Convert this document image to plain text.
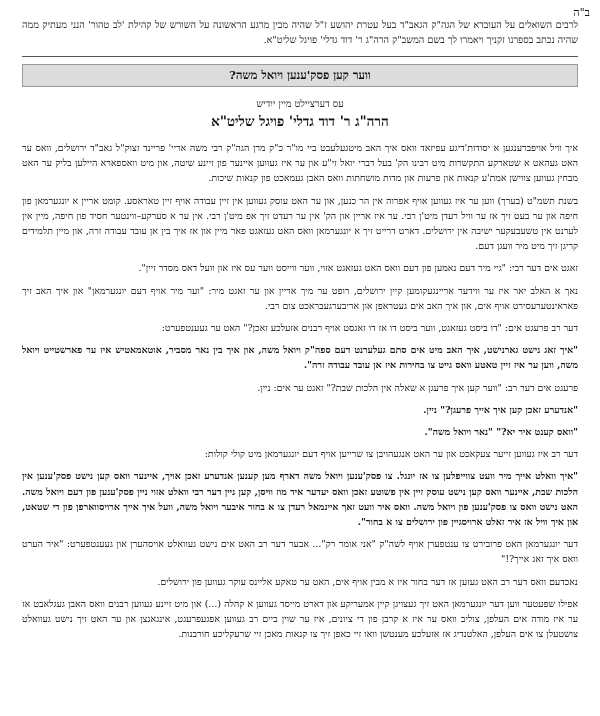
ב"ה

לרבים השואלים על העובדא של הגה"ק הגאב"ד בעל עטרת יהושע ז"ל שהיה מבין מרגע הראשונה על השורש של קהילת 'לב טהור' הנני מעתיק ממה שהיה נכתב בספרנו זקניך ויאמרו לך בשם המשב"ק הרה"ג ר' דוד גדלי' פויגל שליט"א.

ווער קען פסק'ענען ויואל משה?
עס דערציילט מיין ייִדיש
הרה"ג ר' דוד גדלי' פויגל שליט"א

איך וויל אויפברענגען א יסודות'דיגע עפיזאד וואס איך האב מיטגעלעבט ביי מו"ר כ"ק מרן הגה"ק רבי משה אריי' פריינד זצוק"ל גאב"ד ירושלים, וואס ער האט געהאט א שטארקע התקשרות מיט רבינו הק' בעל דברי יואל זי"ע און ער איז געווען איינער פון זיינע שיטה, און מיט וואספארא היילען בליק ער האט מבחין געווען צווישן אמת'ע קנאות און פרעות און מדות מושחתות וואס האבן געמאכט פון קנאות שיכות.

בשנת תשמ"ט (בערך) ווען ער איז געווען אויף אפרוה אין הר כנען, און ער האט עוסק געווען אין זיין עבודה אויף זיין טאראסע. קומט אריין א יונגערמאן פון חיפה און ער בעט זיך אז ער וויל רעדן מיט'ן רבי. ער איז אריין און הק' אין ער רעדט זיך אפ מיט'ן רבי. אין ער א סערקע–ווינטער חסיד פון חיפה, מיין אין לערנט אין טשעבעקער ישיבה אין ירושלים. דארט דרייט זיך א יונגערמאן וואס האט געזאגט פאר מיין און אז איך בין אן עובד עבודה זרה, און מיין תלמידים קריגן זיך מיט מיר וועגן דעם.

זאגט אים דער רבי: "גיי מיר דעם נאמען פון דעם וואס האט געזאגט אזוי, ווער ווייסט ווער עס איז און וועל דאס מסדר זיין".

נאך א האלב יאר איז ער ווידער אריינגעקומען קיין ירושלים, רופט ער מיך אריין און ער זאגט מיר: "וער מיר אויף דעם יונגערמאן" און איך האב זיך פאראינטערעסירט אויף אים, און איך האב אים געטראפן און אריבערגעבראכט צום רבי.

דער רב פרעגט אים: "דו ביסט געזאגט, ווער ביסט דו אז דו זאגסט אויף רבנים אזעלכע זאכן?" האט ער געענטפערט:

"איך זאג נישט גארנישט, איך האב מיט אים סתם געלערנט דעם ספה"ק ויואל משה, און איך בין נאר מסביר, אוטאמאטיש איז ער פארשטייט ויואל משה, ווען ער איז זיין טאטע וואס גייט צו בחירות איז אן עובד עבודה זרה".

פרעגט אים דער רב: "ווער קען איך פרעגן א שאלה אין הלכות שבת?" זאגט ער אים: ניין.

"אנדערע זאכן קען איך אייך פרעגן?" ניין.

"וואס קענט איר יא?" "נאר ויואל משה".

דער רב איז געווען זייער צעקאכט און ער האט אנגעהויבן צו שרייען אויף דעם יונגערמאן מיט קולי קולות:

"איך וואלט אייך מיר וועט צווייפלען צו אז יונגל. צו פסק'ענען ויואל משה דארף מען קענען אנדערע זאכן אויך, איינער וואס קען נישט פסק'ענען אין הלכות שבת, איינער וואס קען נישט עוסק זיין אין פשוטע זאכן וואס יעדער איד מוז וויסן, קען ניין דער רבי וואלט אזוי ניין פסק'ענען פון דעם ויואל משה. האט נישט וואס צו פסק'ענען פון ויואל משה. וואס איר וועט זאך איינמאל רעדן צו א בחור איבער ויואל משה, וועל איך אייך ארויסווארפן פון די שטאט, און איך וויל אז איר זאלט ארויסגיין פון ירושלים צו א בחור".

דער יונגערמאן האט פרובירט צו ענטפערן אויף לשה"ק "אני אומר רק"... אבער דער רב האט אים נישט געוואלט אויסהערן און געענטפערט: "איר הערט וואס איך זאג אייך?!"

נאכדעם וואס דער רב האט געזען אז דער בחור איז א מבין אויף אים, האט ער טאקע אליינס עוקר געווען פון ירושלים.

אפילו שפעטער ווען דער יונגערמאן האט זיך געצויגן קיין אמעריקע און דארט מייסד געווען א קהלה (...) און מיט זיינע געווען רבנים וואס האבן געגלאבט אז ער איז מודה אים העלפן, צוליב וואס ער איז א קרבן פון די ציונים, איז ער שוין ביים רב געווען אפגעפרעגט, אינגאנצן און ער האט זיך נישט געוואלט צושטעלן צו אים העלפן, האלטנדיג אז אזעלכע מענטשן וואו זיי כאפן זיך צו קנאות מאכן זיי שרעקליכע חורבנות.
